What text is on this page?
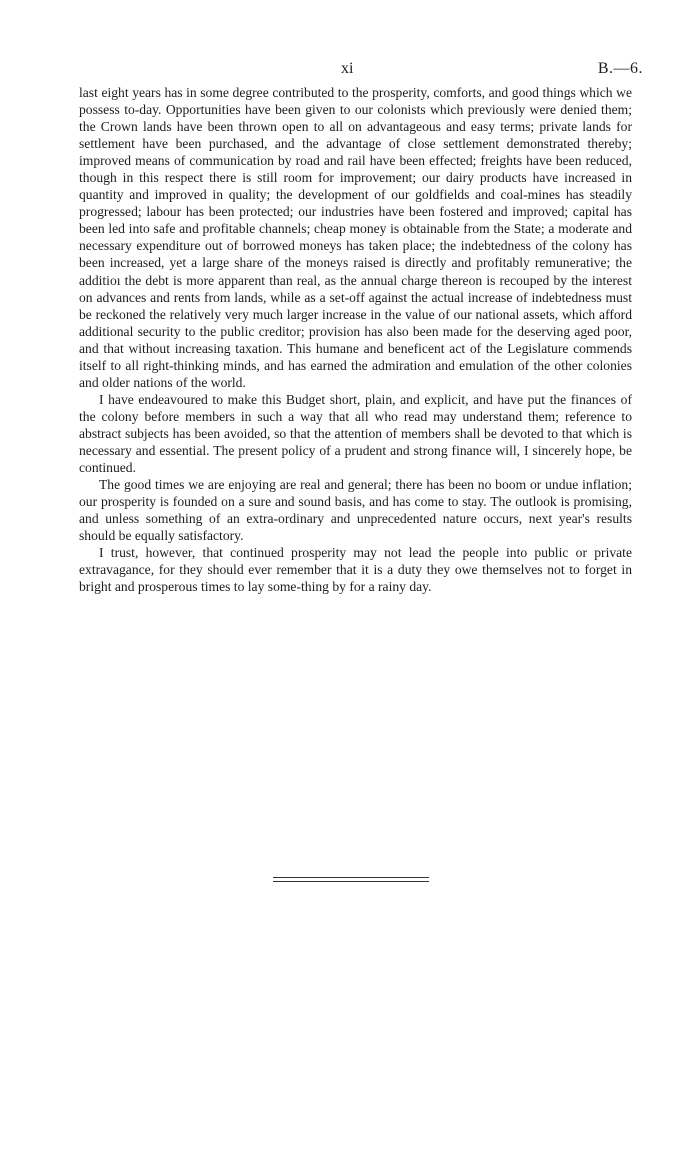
xi	B.—6.

last eight years has in some degree contributed to the prosperity, comforts, and good things which we possess to-day. Opportunities have been given to our colonists which previously were denied them; the Crown lands have been thrown open to all on advantageous and easy terms; private lands for settlement have been purchased, and the advantage of close settlement demonstrated thereby; improved means of communication by road and rail have been effected; freights have been reduced, though in this respect there is still room for improvement; our dairy products have increased in quantity and improved in quality; the development of our goldfields and coal-mines has steadily progressed; labour has been protected; our industries have been fostered and improved; capital has been led into safe and profitable channels; cheap money is obtainable from the State; a moderate and necessary expenditure out of borrowed moneys has taken place; the indebtedness of the colony has been increased, yet a large share of the moneys raised is directly and profitably remunerative; the additioı the debt is more apparent than real, as the annual charge thereon is recouped by the interest on advances and rents from lands, while as a set-off against the actual increase of indebtedness must be reckoned the relatively very much larger increase in the value of our national assets, which afford additional security to the public creditor; provision has also been made for the deserving aged poor, and that without increasing taxation. This humane and beneficent act of the Legislature commends itself to all right-thinking minds, and has earned the admiration and emulation of the other colonies and older nations of the world.

I have endeavoured to make this Budget short, plain, and explicit, and have put the finances of the colony before members in such a way that all who read may understand them; reference to abstract subjects has been avoided, so that the attention of members shall be devoted to that which is necessary and essential. The present policy of a prudent and strong finance will, I sincerely hope, be continued.

The good times we are enjoying are real and general; there has been no boom or undue inflation; our prosperity is founded on a sure and sound basis, and has come to stay. The outlook is promising, and unless something of an extra-ordinary and unprecedented nature occurs, next year's results should be equally satisfactory.

I trust, however, that continued prosperity may not lead the people into public or private extravagance, for they should ever remember that it is a duty they owe themselves not to forget in bright and prosperous times to lay some-thing by for a rainy day.
